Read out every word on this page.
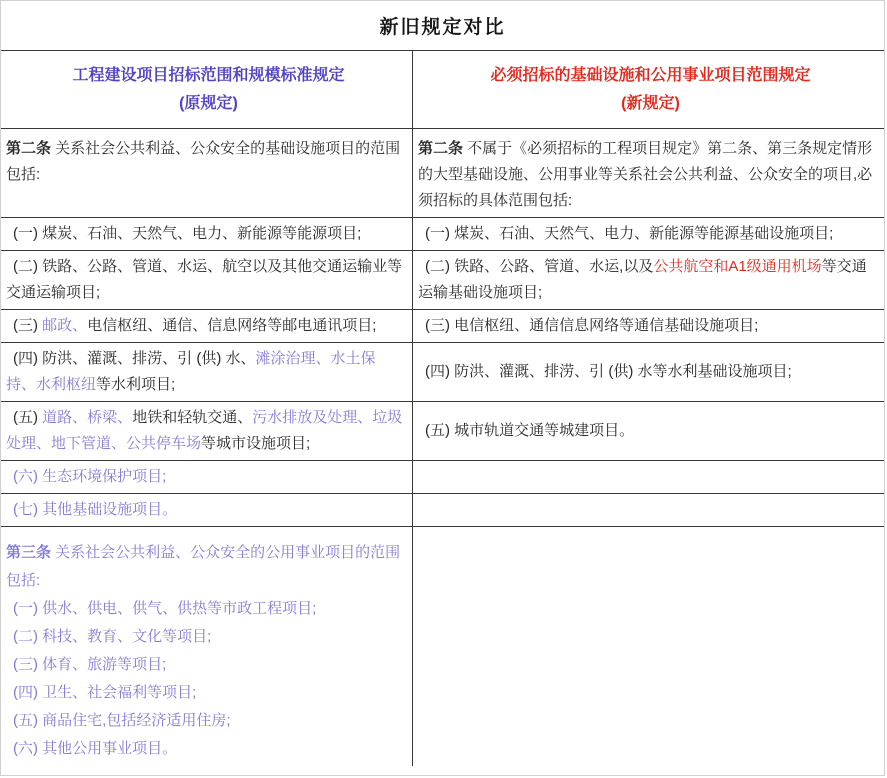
新旧规定对比
工程建设项目招标范围和规模标准规定
(原规定)
必须招标的基础设施和公用事业项目范围规定
(新规定)
第二条 关系社会公共利益、公众安全的基础设施项目的范围包括:
第二条 不属于《必须招标的工程项目规定》第二条、第三条规定情形的大型基础设施、公用事业等关系社会公共利益、公众安全的项目,必须招标的具体范围包括:
(一) 煤炭、石油、天然气、电力、新能源等能源项目;	(一) 煤炭、石油、天然气、电力、新能源等能源基础设施项目;
(二) 铁路、公路、管道、水运、航空以及其他交通运输业等交通运输项目;
(二) 铁路、公路、管道、水运,以及公共航空和A1级通用机场等交通运输基础设施项目;
(三) 邮政、电信枢纽、通信、信息网络等邮电通讯项目;	(三) 电信枢纽、通信信息网络等通信基础设施项目;
(四) 防洪、灌溉、排涝、引 (供) 水、滩涂治理、水土保持、水利枢纽等水利项目;
(四) 防洪、灌溉、排涝、引 (供) 水等水利基础设施项目;
(五) 道路、桥梁、地铁和轻轨交通、污水排放及处理、垃圾处理、地下管道、公共停车场等城市设施项目;
(五) 城市轨道交通等城建项目。
(六) 生态环境保护项目;
(七) 其他基础设施项目。
第三条 关系社会公共利益、公众安全的公用事业项目的范围包括:
(一) 供水、供电、供气、供热等市政工程项目;
(二) 科技、教育、文化等项目;
(三) 体育、旅游等项目;
(四) 卫生、社会福利等项目;
(五) 商品住宅,包括经济适用住房;
(六) 其他公用事业项目。
